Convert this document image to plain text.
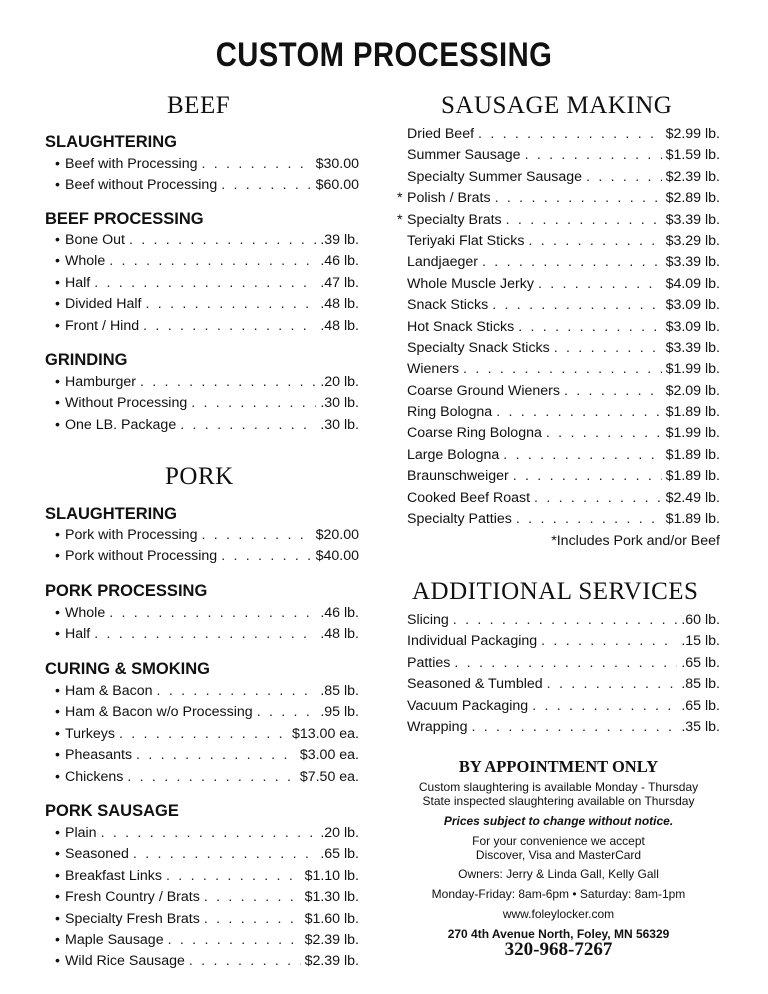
CUSTOM PROCESSING
BEEF
SLAUGHTERING
• Beef with Processing . . .	$30.00
• Beef without Processing . . .	$60.00
BEEF PROCESSING
• Bone Out . . .	.39 lb.
• Whole . . .	.46 lb.
• Half . . .	.47 lb.
• Divided Half . . .	.48 lb.
• Front / Hind . . .	.48 lb.
GRINDING
• Hamburger . . .	.20 lb.
• Without Processing . . .	.30 lb.
• One LB. Package . . .	.30 lb.
PORK
SLAUGHTERING
• Pork with Processing . . .	$20.00
• Pork without Processing . . .	$40.00
PORK PROCESSING
• Whole . . .	.46 lb.
• Half . . .	.48 lb.
CURING & SMOKING
• Ham & Bacon . . .	.85 lb.
• Ham & Bacon w/o Processing . . .	.95 lb.
• Turkeys . . .	$13.00 ea.
• Pheasants . . .	$3.00 ea.
• Chickens . . .	$7.50 ea.
PORK SAUSAGE
• Plain . . .	.20 lb.
• Seasoned . . .	.65 lb.
• Breakfast Links . . .	$1.10 lb.
• Fresh Country / Brats . . .	$1.30 lb.
• Specialty Fresh Brats . . .	$1.60 lb.
• Maple Sausage . . .	$2.39 lb.
• Wild Rice Sausage . . .	$2.39 lb.
SAUSAGE MAKING
Dried Beef . . .	$2.99 lb.
Summer Sausage . . .	$1.59 lb.
Specialty Summer Sausage . . .	$2.39 lb.
* Polish / Brats . . .	$2.89 lb.
* Specialty Brats . . .	$3.39 lb.
Teriyaki Flat Sticks . . .	$3.29 lb.
Landjaeger . . .	$3.39 lb.
Whole Muscle Jerky . . .	$4.09 lb.
Snack Sticks . . .	$3.09 lb.
Hot Snack Sticks . . .	$3.09 lb.
Specialty Snack Sticks . . .	$3.39 lb.
Wieners . . .	$1.99 lb.
Coarse Ground Wieners . . .	$2.09 lb.
Ring Bologna . . .	$1.89 lb.
Coarse Ring Bologna . . .	$1.99 lb.
Large Bologna . . .	$1.89 lb.
Braunschweiger . . .	$1.89 lb.
Cooked Beef Roast . . .	$2.49 lb.
Specialty Patties . . .	$1.89 lb.
*Includes Pork and/or Beef
ADDITIONAL SERVICES
Slicing . . .	.60 lb.
Individual Packaging . . .	.15 lb.
Patties . . .	.65 lb.
Seasoned & Tumbled . . .	.85 lb.
Vacuum Packaging . . .	.65 lb.
Wrapping . . .	.35 lb.
BY APPOINTMENT ONLY
Custom slaughtering is available Monday - Thursday
State inspected slaughtering available on Thursday
Prices subject to change without notice.
For your convenience we accept
Discover, Visa and MasterCard
Owners: Jerry & Linda Gall, Kelly Gall
Monday-Friday: 8am-6pm • Saturday: 8am-1pm
www.foleylocker.com
270 4th Avenue North, Foley, MN 56329
320-968-7267
